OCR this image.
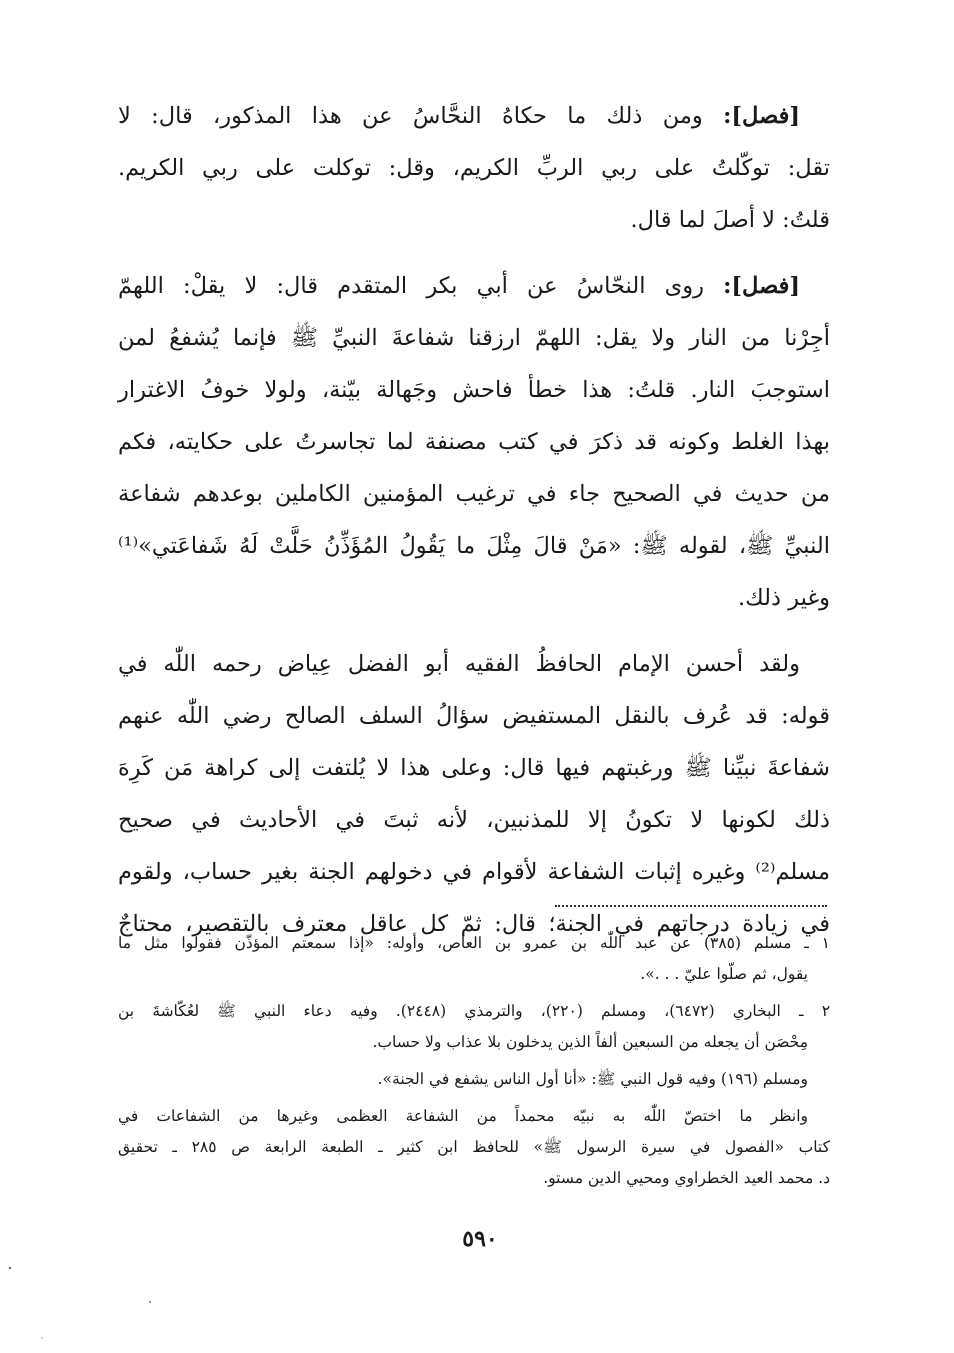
[فصل]: ومن ذلك ما حكاهُ النحَّاسُ عن هذا المذكور، قال: لا
تقل: توكّلتُ على ربي الربِّ الكريم، وقل: توكلت على ربي الكريم.
قلتُ: لا أصلَ لما قال.

[فصل]: روى النحّاسُ عن أبي بكر المتقدم قال: لا يقلْ: اللهمّ
أجِرْنا من النار ولا يقل: اللهمّ ارزقنا شفاعةَ النبيِّ ﷺ فإنما يُشفعُ لمن
استوجبَ النار. قلتُ: هذا خطأ فاحش وجَهالة بيّنة، ولولا خوفُ الاغترار
بهذا الغلط وكونه قد ذكرَ في كتب مصنفة لما تجاسرتُ على حكايته، فكم
من حديث في الصحيح جاء في ترغيب المؤمنين الكاملين بوعدهم شفاعة
النبيِّ ﷺ، لقوله ﷺ: «مَنْ قالَ مِثْلَ ما يَقُولُ المُؤَذِّنُ حَلَّتْ لَهُ شَفاعَتي»⁽¹⁾
وغير ذلك.

ولقد أحسن الإمام الحافظُ الفقيه أبو الفضل عِياض رحمه اللّٰه في
قوله: قد عُرف بالنقل المستفيض سؤالُ السلف الصالح رضي اللّٰه عنهم
شفاعةَ نبيِّنا ﷺ ورغبتهم فيها قال: وعلى هذا لا يُلتفت إلى كراهة مَن كَرِهَ
ذلك لكونها لا تكونُ إلا للمذنبين، لأنه ثبتَ في الأحاديث في صحيح
مسلم⁽²⁾ وغيره إثبات الشفاعة لأقوام في دخولهم الجنة بغير حساب، ولقوم
في زيادة درجاتهم في الجنة؛ قال: ثمّ كل عاقل معترف بالتقصير، محتاجٌ

١ ـ مسلم (٣٨٥) عن عبد اللّٰه بن عمرو بن العاص، وأوله: «إذا سمعتم المؤذّن فقولوا مثل ما
يقول، ثم صلّوا عليّ . . .».
٢ ـ البخاري (٦٤٧٢)، ومسلم (٢٢٠)، والترمذي (٢٤٤٨). وفيه دعاء النبي ﷺ لعُكّاشةَ بن
مِحْصَن أن يجعله من السبعين ألفاً الذين يدخلون بلا عذاب ولا حساب.
ومسلم (١٩٦) وفيه قول النبي ﷺ: «أنا أول الناس يشفع في الجنة».
وانظر ما اختصّ اللّٰه به نبيّه محمداً من الشفاعة العظمى وغيرها من الشفاعات في
كتاب «الفصول في سيرة الرسول ﷺ» للحافظ ابن كثير ـ الطبعة الرابعة ص ٢٨٥ ـ تحقيق
د. محمد العيد الخطراوي ومحيي الدين مستو.
٥٩٠
